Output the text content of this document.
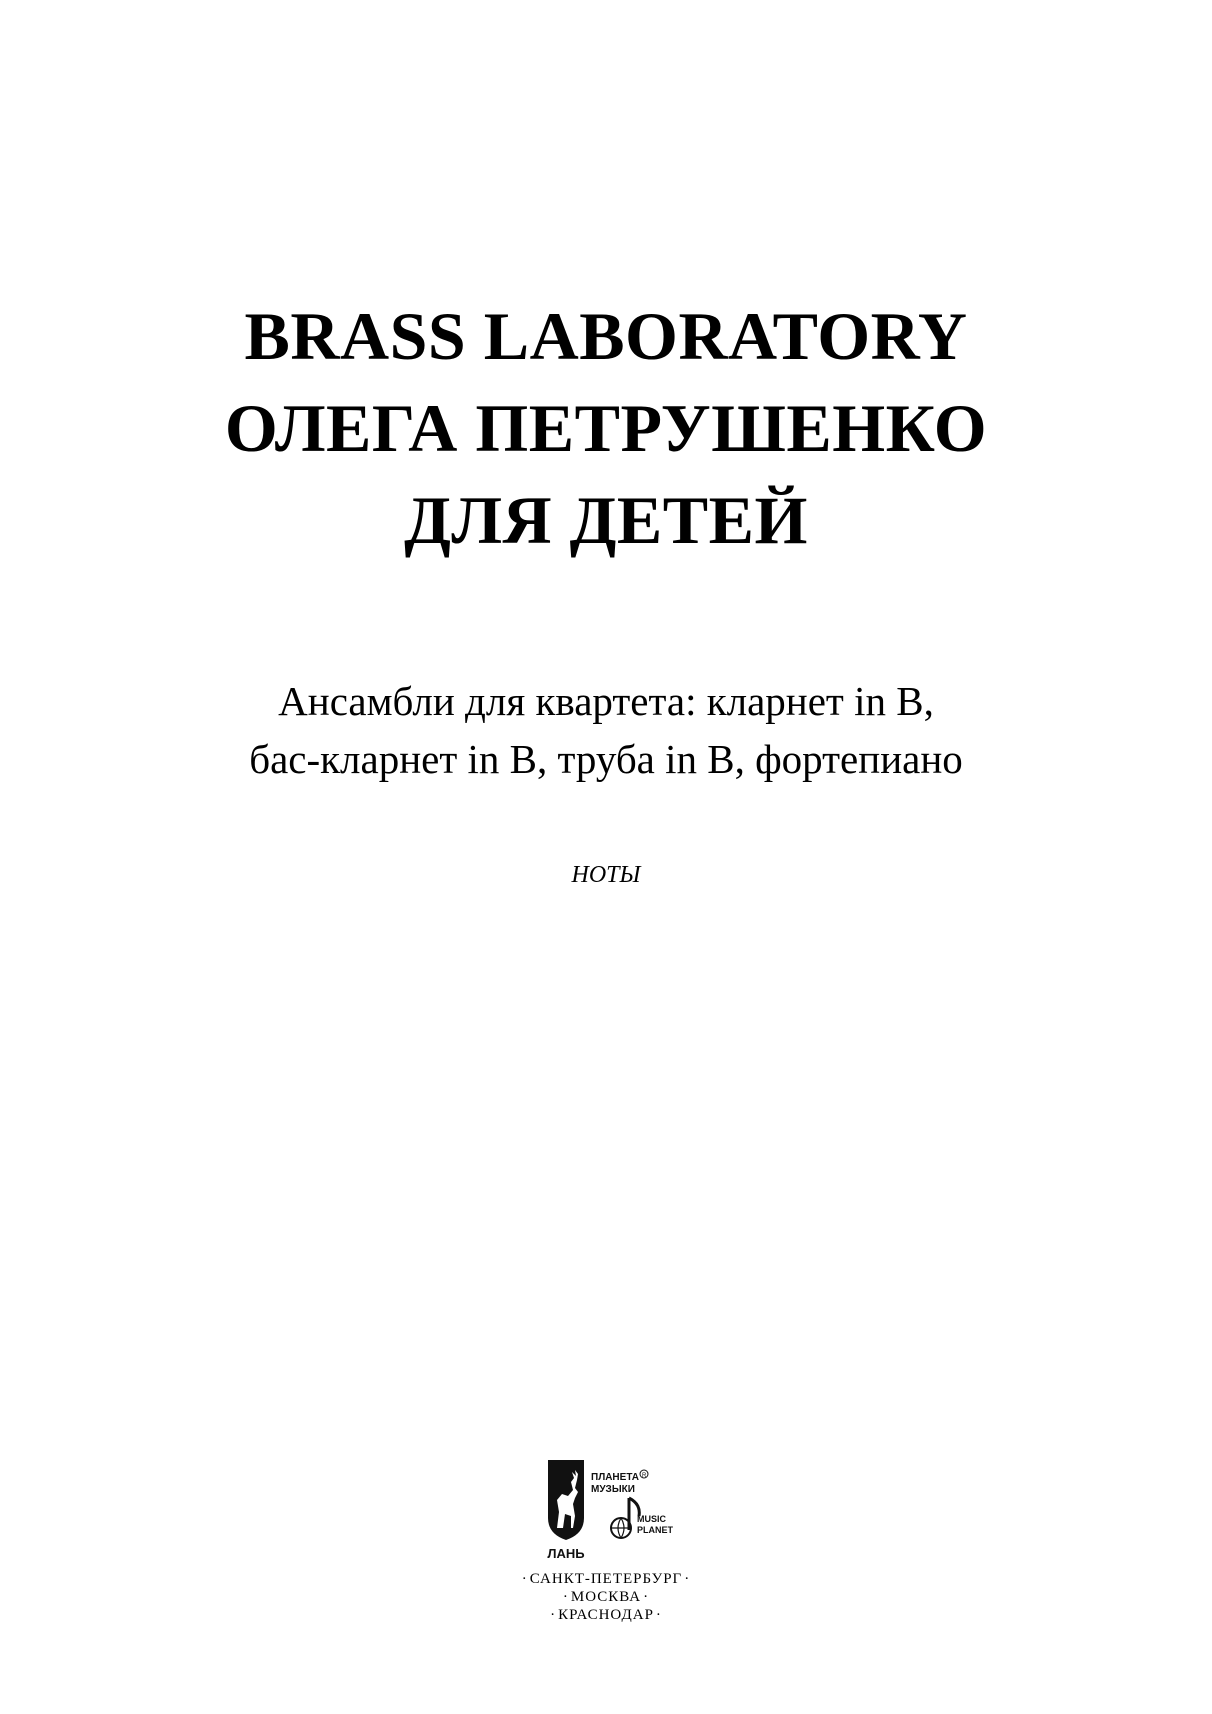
BRASS LABORATORY
ОЛЕГА ПЕТРУШЕНКО
ДЛЯ ДЕТЕЙ
Ансамбли для квартета: кларнет in B,
бас-кларнет in B, труба in B, фортепиано
НОТЫ
ЛАНЬ
ПЛАНЕТА
МУЗЫКИ
R
MUSIC
PLANET
· САНКТ-ПЕТЕРБУРГ ·
· МОСКВА ·
· КРАСНОДАР ·
